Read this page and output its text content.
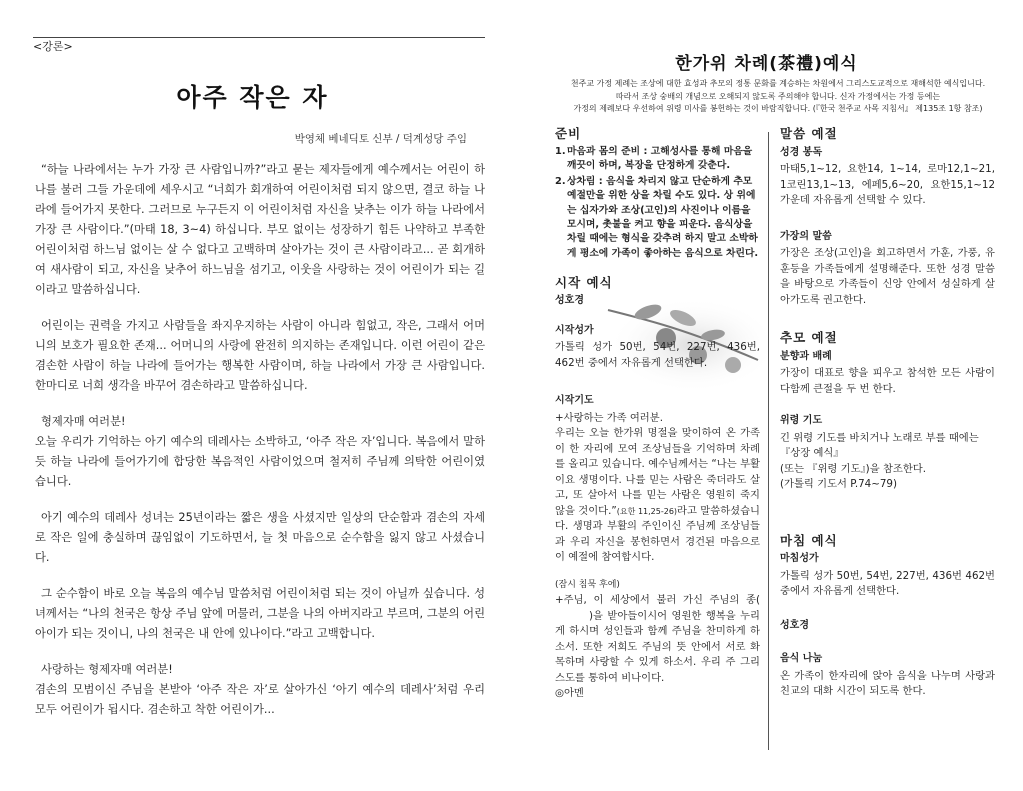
<강론>
아주 작은 자
박영체 베네딕토 신부 / 덕계성당 주임

“하늘 나라에서는 누가 가장 큰 사람입니까?”라고 묻는 제자들에게 예수께서는 어린이 하나를 불러 그들 가운데에 세우시고 “너희가 회개하여 어린이처럼 되지 않으면, 결코 하늘 나라에 들어가지 못한다. 그러므로 누구든지 이 어린이처럼 자신을 낮추는 이가 하늘 나라에서 가장 큰 사람이다.”(마태 18, 3~4) 하십니다. 부모 없이는 성장하기 힘든 나약하고 부족한 어린이처럼 하느님 없이는 살 수 없다고 고백하며 살아가는 것이 큰 사람이라고... 곧 회개하여 새사람이 되고, 자신을 낮추어 하느님을 섬기고, 이웃을 사랑하는 것이 어린이가 되는 길이라고 말씀하십니다.

어린이는 권력을 가지고 사람들을 좌지우지하는 사람이 아니라 힘없고, 작은, 그래서 어머니의 보호가 필요한 존재... 어머니의 사랑에 완전히 의지하는 존재입니다. 이런 어린이 같은 겸손한 사람이 하늘 나라에 들어가는 행복한 사람이며, 하늘 나라에서 가장 큰 사람입니다. 한마디로 너희 생각을 바꾸어 겸손하라고 말씀하십니다.

형제자매 여러분!
오늘 우리가 기억하는 아기 예수의 데레사는 소박하고, ‘아주 작은 자’입니다. 복음에서 말하듯 하늘 나라에 들어가기에 합당한 복음적인 사람이었으며 철저히 주님께 의탁한 어린이였습니다.

아기 예수의 데레사 성녀는 25년이라는 짧은 생을 사셨지만 일상의 단순함과 겸손의 자세로 작은 일에 충실하며 끊임없이 기도하면서, 늘 첫 마음으로 순수함을 잃지 않고 사셨습니다.

그 순수함이 바로 오늘 복음의 예수님 말씀처럼 어린이처럼 되는 것이 아닐까 싶습니다. 성녀께서는 “나의 천국은 항상 주님 앞에 머물러, 그분을 나의 아버지라고 부르며, 그분의 어린아이가 되는 것이니, 나의 천국은 내 안에 있나이다.”라고 고백합니다.

사랑하는 형제자매 여러분!
겸손의 모범이신 주님을 본받아 ‘아주 작은 자’로 살아가신 ‘아기 예수의 데레사’처럼 우리 모두 어린이가 됩시다. 겸손하고 착한 어린이가...

한가위 차례(茶禮)예식
천주교 가정 제례는 조상에 대한 효성과 추모의 정통 문화를 계승하는 차원에서 그리스도교적으로 재해석한 예식입니다.
따라서 조상 숭배의 개념으로 오해되지 않도록 주의해야 합니다. 신자 가정에서는 가정 등에는
가정의 제례보다 우선하여 위령 미사를 봉헌하는 것이 바람직합니다. (『한국 천주교 사목 지침서』 제135조 1항 참조)
준비
1. 마음과 몸의 준비 : 고해성사를 통해 마음을 깨끗이 하며, 복장을 단정하게 갖춘다.
2. 상차림 : 음식을 차리지 않고 단순하게 추모 예절만을 위한 상을 차릴 수도 있다. 상 위에는 십자가와 조상(고인)의 사진이나 이름을 모시며, 촛불을 켜고 향을 피운다. 음식상을 차릴 때에는 형식을 갖추려 하지 말고 소박하게 평소에 가족이 좋아하는 음식으로 차린다.
시작 예식
성호경
시작성가
가톨릭 성가 50번, 54번, 227번, 436번, 462번 중에서 자유롭게 선택한다.
시작기도
+사랑하는 가족 여러분.
우리는 오늘 한가위 명절을 맞이하여 온 가족이 한 자리에 모여 조상님들을 기억하며 차례를 올리고 있습니다. 예수님께서는 “나는 부활이요 생명이다. 나를 믿는 사람은 죽더라도 살고, 또 살아서 나를 믿는 사람은 영원히 죽지 않을 것이다.”(요한 11,25-26)라고 말씀하셨습니다. 생명과 부활의 주인이신 주님께 조상님들과 우리 자신을 봉헌하면서 경건된 마음으로 이 예절에 참여합시다.
(잠시 침묵 후에)
+주님, 이 세상에서 불러 가신 주님의 종()을 받아들이시어 영원한 행복을 누리게 하시며 성인들과 함께 주님을 찬미하게 하소서. 또한 저희도 주님의 뜻 안에서 서로 화목하며 사랑할 수 있게 하소서. 우리 주 그리스도를 통하여 비나이다.
◎아멘
말씀 예절
성경 봉독
마태5,1~12, 요한14, 1~14, 로마12,1~21, 1코린13,1~13, 에페5,6~20, 요한15,1~12 가운데 자유롭게 선택할 수 있다.
가장의 말씀
가장은 조상(고인)을 회고하면서 가훈, 가풍, 유훈등을 가족들에게 설명해준다. 또한 성경 말씀을 바탕으로 가족들이 신앙 안에서 성실하게 살아가도록 권고한다.
추모 예절
분향과 배례
가장이 대표로 향을 피우고 참석한 모든 사람이 다함께 큰절을 두 번 한다.
위령 기도
긴 위령 기도를 바치거나 노래로 부를 때에는 『상장 예식』
(또는 『위령 기도』)을 참조한다.
(가톨릭 기도서 P.74~79)
마침 예식
마침성가
가톨릭 성가 50번, 54번, 227번, 436번 462번 중에서 자유롭게 선택한다.
성호경
음식 나눔
온 가족이 한자리에 앉아 음식을 나누며 사랑과 친교의 대화 시간이 되도록 한다.
